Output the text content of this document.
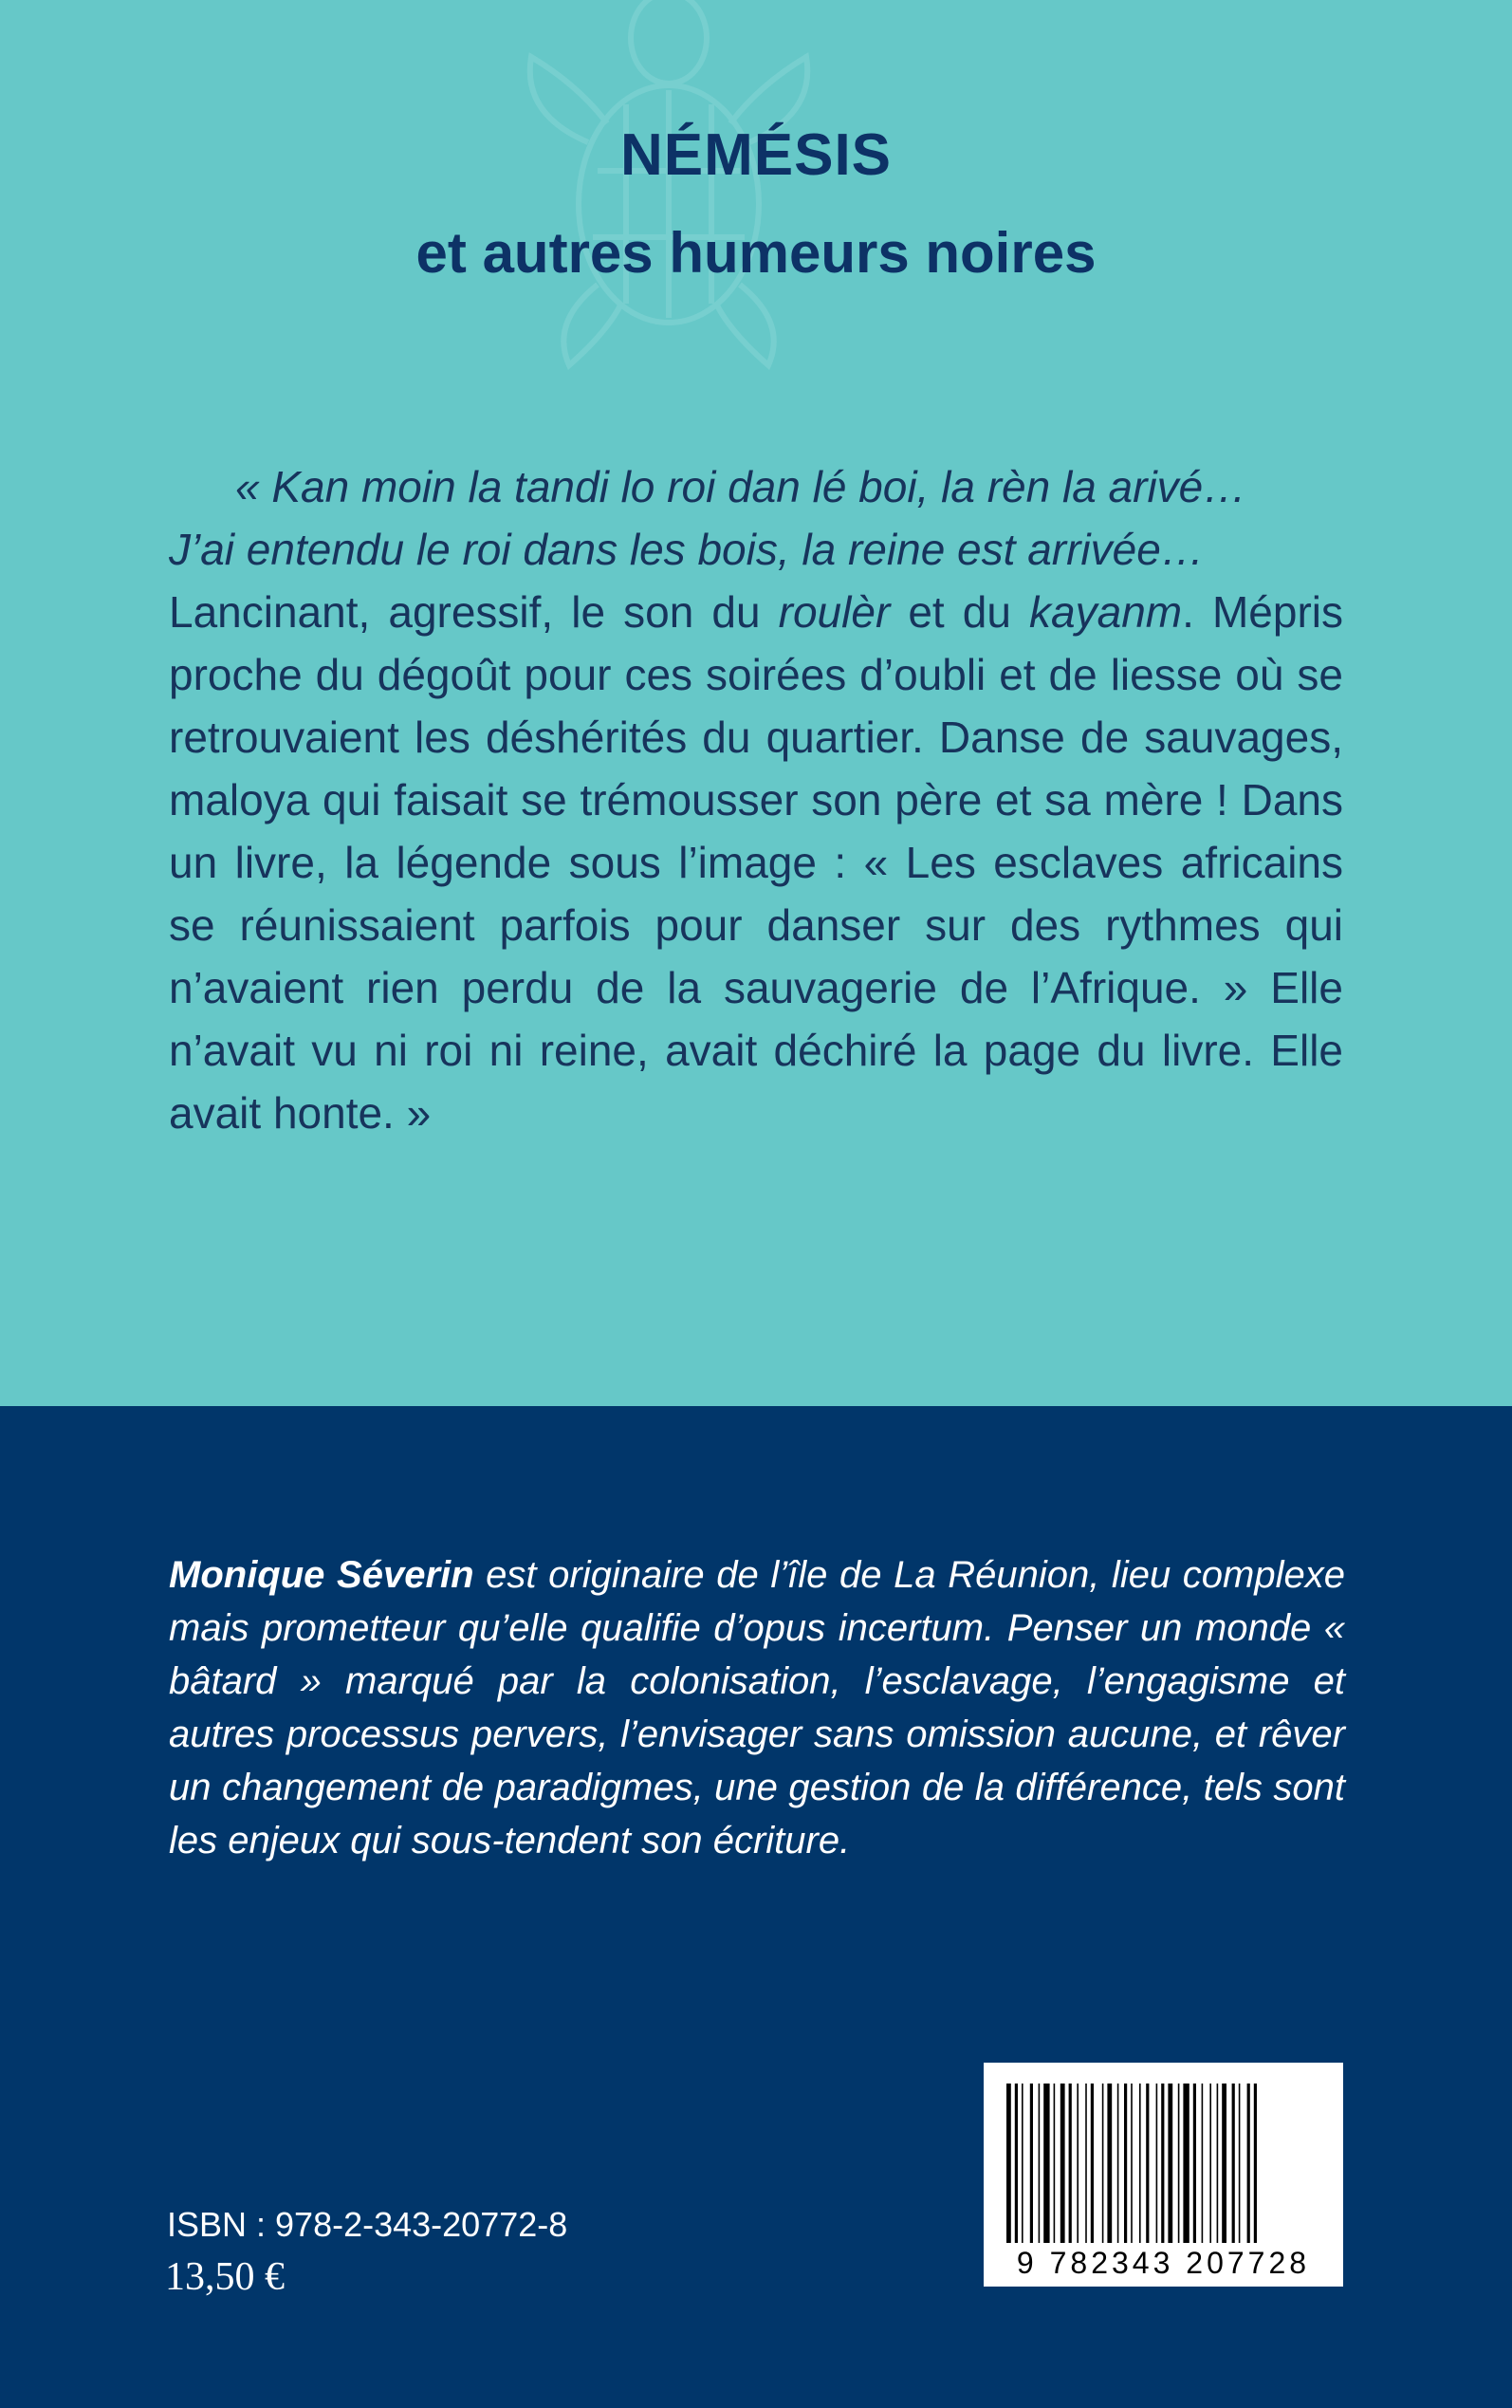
NÉMÉSIS
et autres humeurs noires

« Kan moin la tandi lo roi dan lé boi, la rèn la arivé…

J’ai entendu le roi dans les bois, la reine est arrivée…

Lancinant, agressif, le son du roulèr et du kayanm. Mépris proche du dégoût pour ces soirées d’oubli et de liesse où se retrouvaient les déshérités du quartier. Danse de sauvages, maloya qui faisait se trémousser son père et sa mère ! Dans un livre, la légende sous l’image : « Les esclaves africains se réunissaient parfois pour danser sur des rythmes qui n’avaient rien perdu de la sauvagerie de l’Afrique. » Elle n’avait vu ni roi ni reine, avait déchiré la page du livre. Elle avait honte. »

Monique Séverin est originaire de l’île de La Réunion, lieu complexe mais prometteur qu’elle qualifie d’opus incertum. Penser un monde « bâtard » marqué par la colonisation, l’esclavage, l’engagisme et autres processus pervers, l’envisager sans omission aucune, et rêver un changement de paradigmes, une gestion de la différence, tels sont les enjeux qui sous-tendent son écriture.
ISBN : 978-2-343-20772-8
13,50 €	9 782343 207728
